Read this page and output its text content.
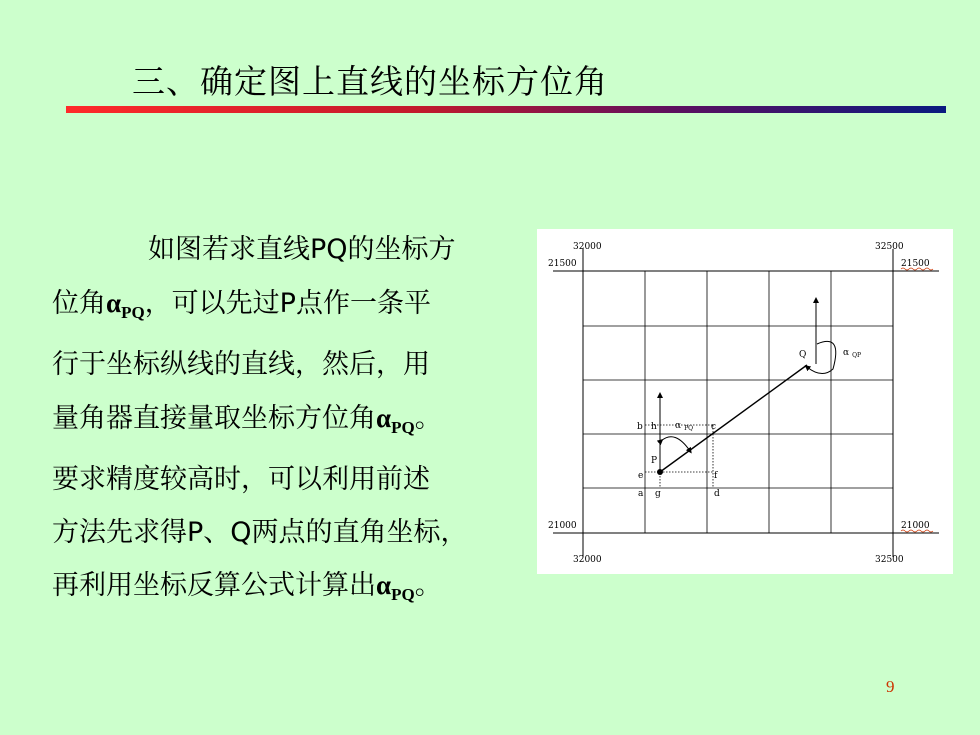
三、确定图上直线的坐标方位角
如图若求直线PQ的坐标方
位角$\alpha_{PQ}$，可以先过P点作一条平
行于坐标纵线的直线，然后，用
量角器直接量取坐标方位角$\alpha_{PQ}$。
要求精度较高时，可以利用前述
方法先求得P、Q两点的直角坐标，
再利用坐标反算公式计算出$\alpha_{PQ}$。
32000	32500
21500	21500
21000	21000
32000	32500
Q	α $_{QP}$
P
α $_{PQ}$
b h	c
e	f
a g	d
9
